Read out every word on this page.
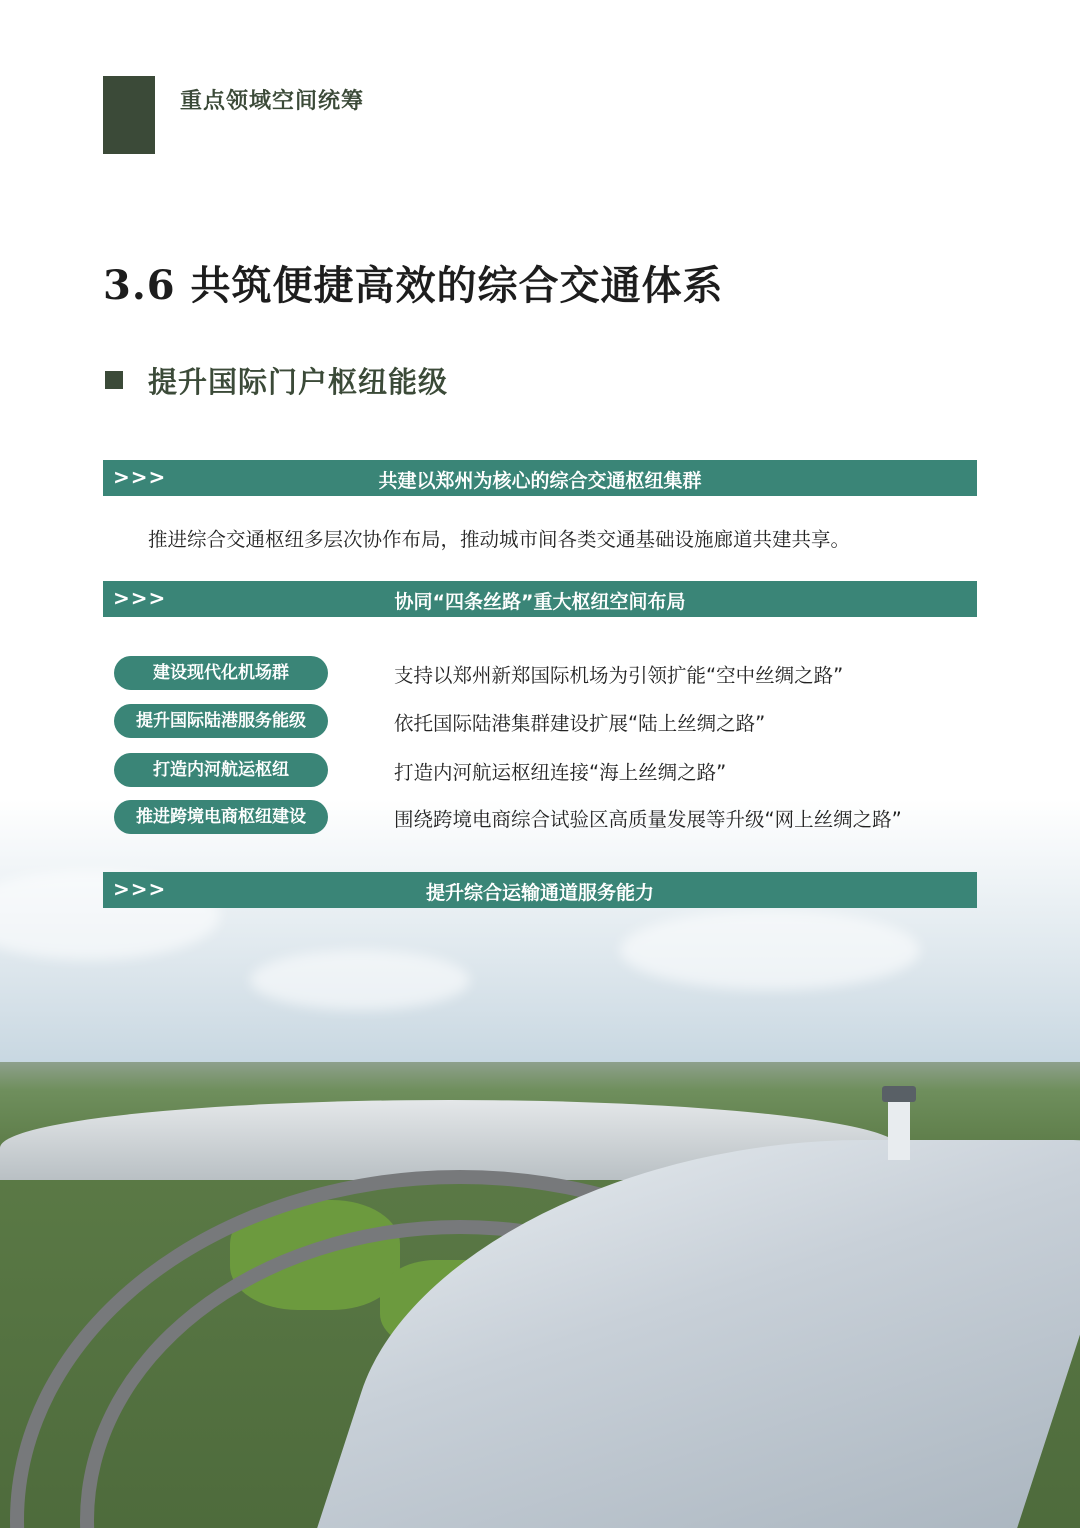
重点领域空间统筹
3.6 共筑便捷高效的综合交通体系
提升国际门户枢纽能级
>>>	共建以郑州为核心的综合交通枢纽集群
推进综合交通枢纽多层次协作布局，推动城市间各类交通基础设施廊道共建共享。
>>>	协同“四条丝路”重大枢纽空间布局
建设现代化机场群	支持以郑州新郑国际机场为引领扩能“空中丝绸之路”
提升国际陆港服务能级	依托国际陆港集群建设扩展“陆上丝绸之路”
打造内河航运枢纽	打造内河航运枢纽连接“海上丝绸之路”
推进跨境电商枢纽建设	围绕跨境电商综合试验区高质量发展等升级“网上丝绸之路”
>>>	提升综合运输通道服务能力
